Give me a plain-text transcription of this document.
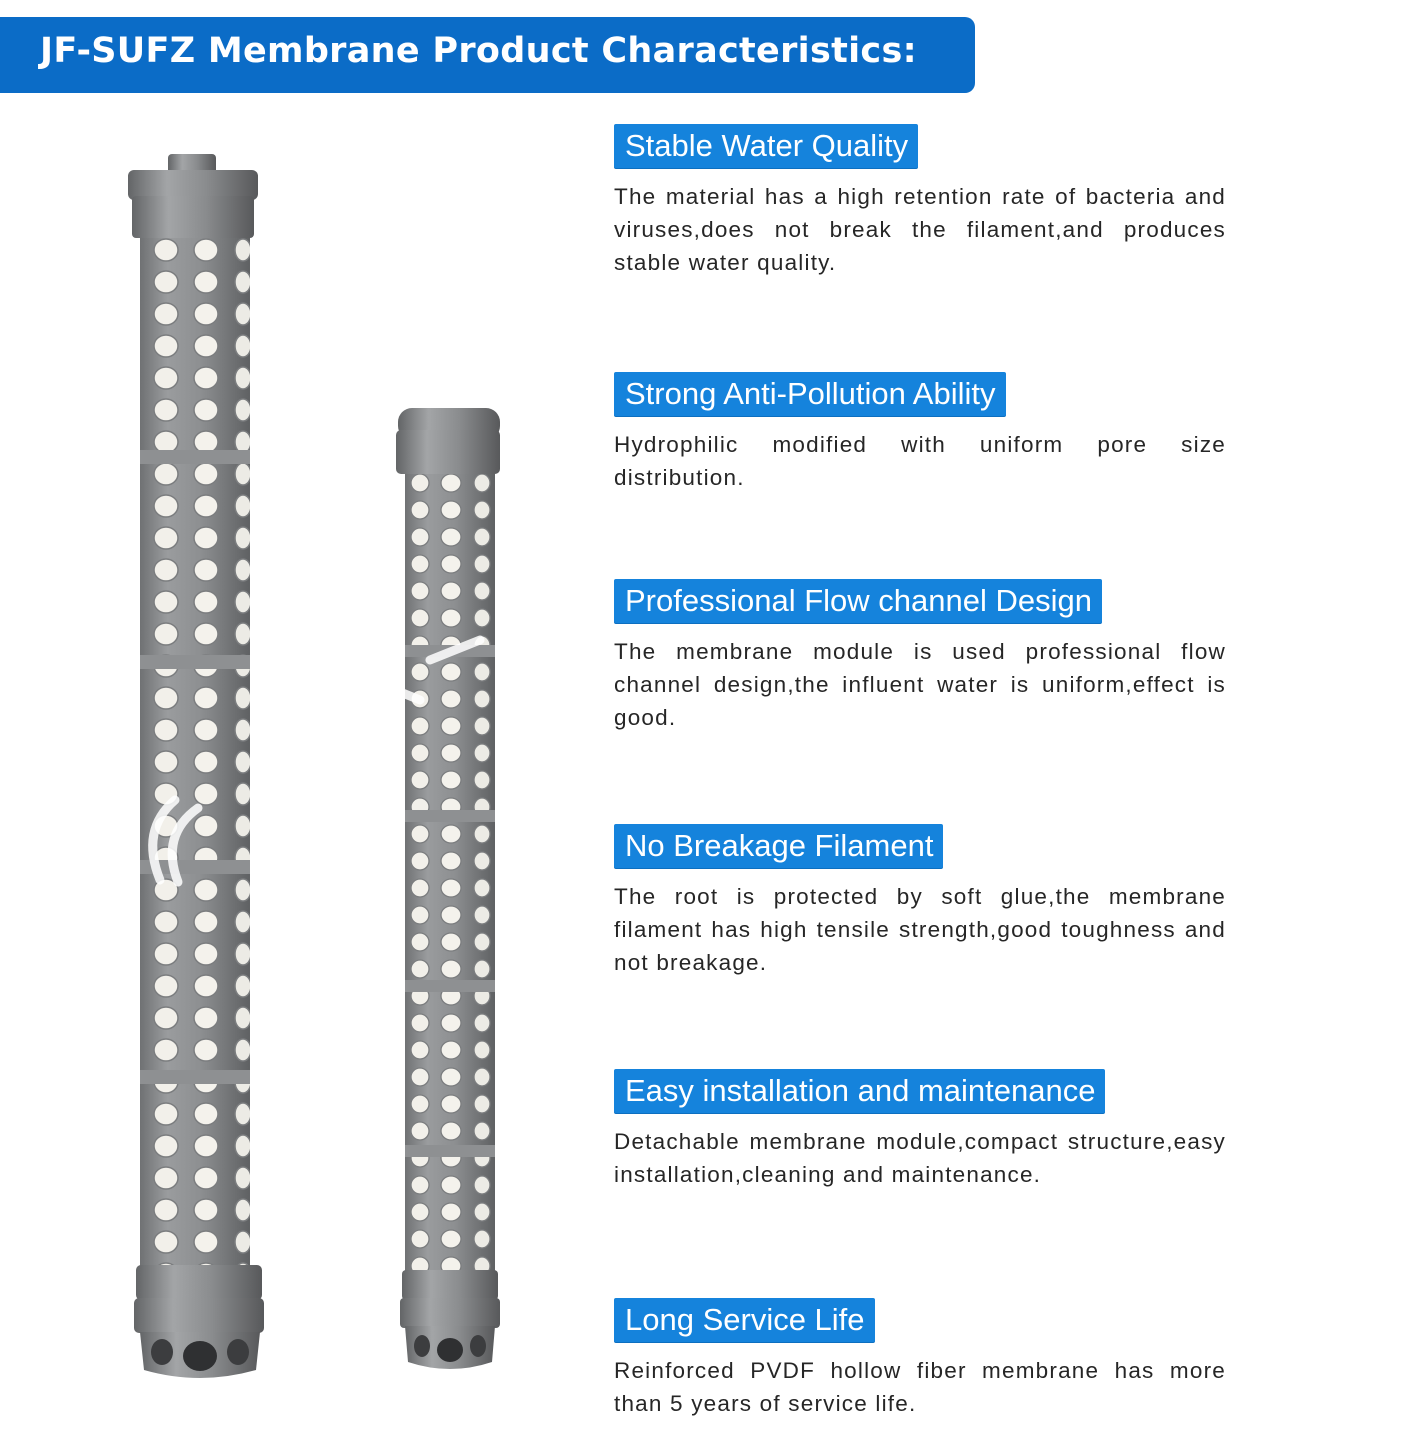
JF-SUFZ Membrane Product Characteristics:
Stable Water Quality

The material has a high retention rate of bacteria and viruses,does not break the filament,and produces stable water quality.

Strong Anti-Pollution Ability

Hydrophilic modified with uniform pore size distribution.

Professional Flow channel Design

The membrane module is used professional flow channel design,the influent water is uniform,effect is good.

No Breakage Filament

The root is protected by soft glue,the membrane filament has high tensile strength,good toughness and not breakage.

Easy installation and maintenance

Detachable membrane module,compact structure,easy installation,cleaning and maintenance.

Long Service Life

Reinforced PVDF hollow fiber membrane has more than 5 years of service life.
